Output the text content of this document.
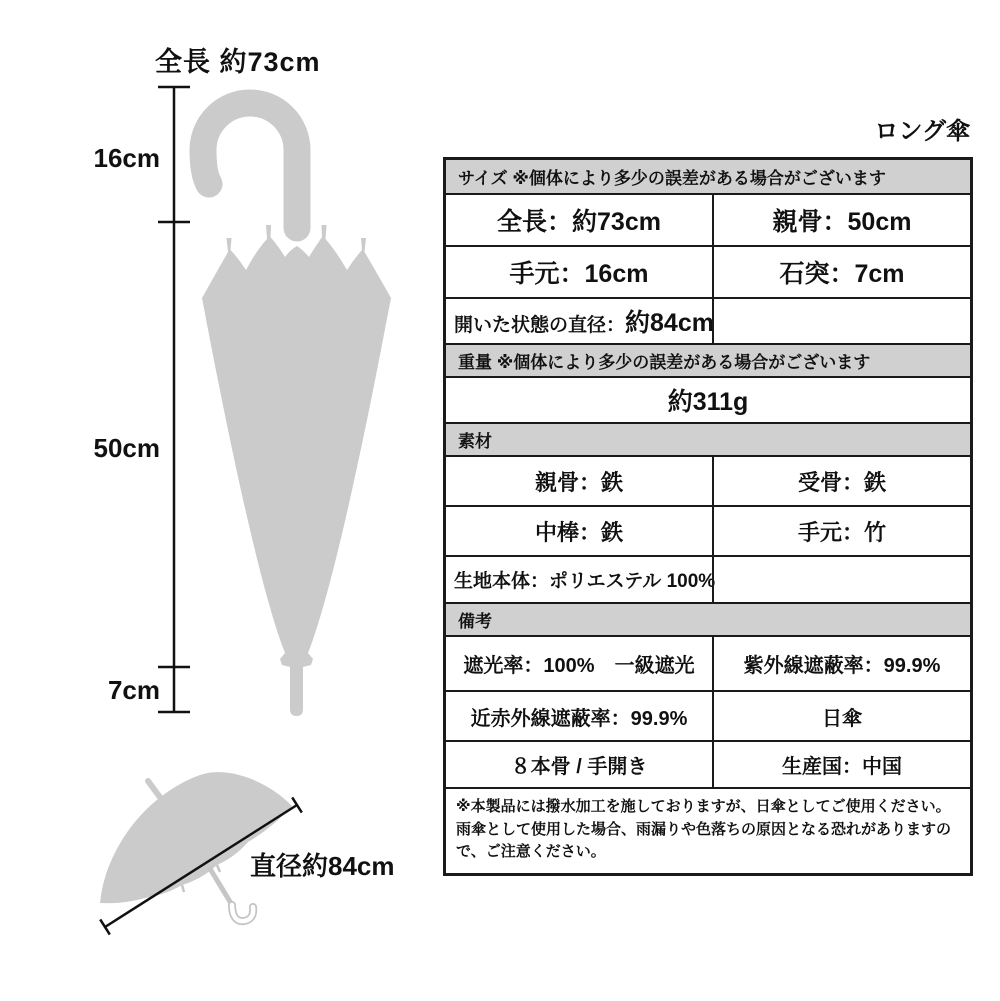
全長 約73cm
16cm
50cm
7cm
直径約84cm
ロング傘
サイズ ※個体により多少の誤差がある場合がございます
全長：約73cm	親骨：50cm
手元：16cm	石突：7cm
開いた状態の直径：約84cm
重量 ※個体により多少の誤差がある場合がございます
約311g
素材
親骨：鉄	受骨：鉄
中棒：鉄	手元：竹
生地本体：ポリエステル 100%
備考
遮光率：100%　一級遮光	紫外線遮蔽率：99.9%
近赤外線遮蔽率：99.9%	日傘
８本骨 / 手開き	生産国：中国
※本製品には撥水加工を施しておりますが、日傘としてご使用ください。雨傘として使用した場合、雨漏りや色落ちの原因となる恐れがありますので、ご注意ください。
